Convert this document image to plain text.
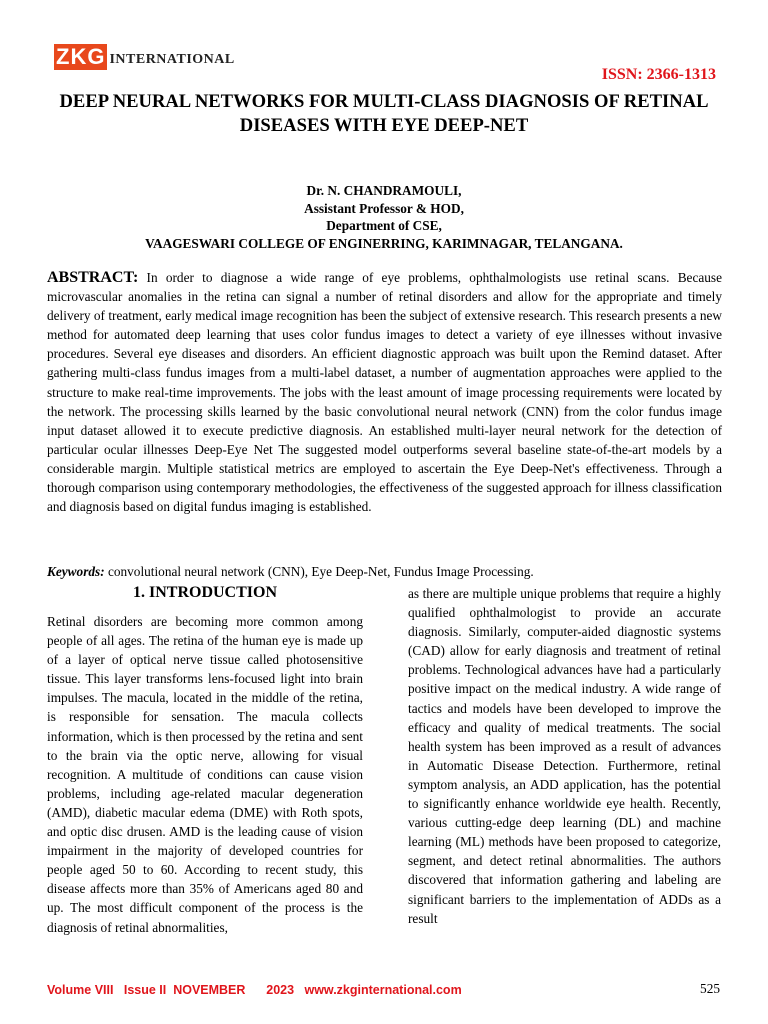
ZKG INTERNATIONAL
ISSN: 2366-1313
DEEP NEURAL NETWORKS FOR MULTI-CLASS DIAGNOSIS OF RETINAL DISEASES WITH EYE DEEP-NET
Dr. N. CHANDRAMOULI,
Assistant Professor & HOD,
Department of CSE,
VAAGESWARI COLLEGE OF ENGINERRING, KARIMNAGAR, TELANGANA.
ABSTRACT: In order to diagnose a wide range of eye problems, ophthalmologists use retinal scans. Because microvascular anomalies in the retina can signal a number of retinal disorders and allow for the appropriate and timely delivery of treatment, early medical image recognition has been the subject of extensive research. This research presents a new method for automated deep learning that uses color fundus images to detect a variety of eye illnesses without invasive procedures. Several eye diseases and disorders. An efficient diagnostic approach was built upon the Remind dataset. After gathering multi-class fundus images from a multi-label dataset, a number of augmentation approaches were applied to the structure to make real-time improvements. The jobs with the least amount of image processing requirements were located by the network. The processing skills learned by the basic convolutional neural network (CNN) from the color fundus image input dataset allowed it to execute predictive diagnosis. An established multi-layer neural network for the detection of particular ocular illnesses Deep-Eye Net The suggested model outperforms several baseline state-of-the-art models by a considerable margin. Multiple statistical metrics are employed to ascertain the Eye Deep-Net's effectiveness. Through a thorough comparison using contemporary methodologies, the effectiveness of the suggested approach for illness classification and diagnosis based on digital fundus imaging is established.
Keywords: convolutional neural network (CNN), Eye Deep-Net, Fundus Image Processing.
1. INTRODUCTION
Retinal disorders are becoming more common among people of all ages. The retina of the human eye is made up of a layer of optical nerve tissue called photosensitive tissue. This layer transforms lens-focused light into brain impulses. The macula, located in the middle of the retina, is responsible for sensation. The macula collects information, which is then processed by the retina and sent to the brain via the optic nerve, allowing for visual recognition. A multitude of conditions can cause vision problems, including age-related macular degeneration (AMD), diabetic macular edema (DME) with Roth spots, and optic disc drusen. AMD is the leading cause of vision impairment in the majority of developed countries for people aged 50 to 60. According to recent study, this disease affects more than 35% of Americans aged 80 and up. The most difficult component of the process is the diagnosis of retinal abnormalities,
as there are multiple unique problems that require a highly qualified ophthalmologist to provide an accurate diagnosis. Similarly, computer-aided diagnostic systems (CAD) allow for early diagnosis and treatment of retinal problems. Technological advances have had a particularly positive impact on the medical industry. A wide range of tactics and models have been developed to improve the efficacy and quality of medical treatments. The social health system has been improved as a result of advances in Automatic Disease Detection. Furthermore, retinal symptom analysis, an ADD application, has the potential to significantly enhance worldwide eye health. Recently, various cutting-edge deep learning (DL) and machine learning (ML) methods have been proposed to categorize, segment, and detect retinal abnormalities. The authors discovered that information gathering and labeling are significant barriers to the implementation of ADDs as a result
Volume VIII   Issue II  NOVEMBER      2023   www.zkginternational.com	525
